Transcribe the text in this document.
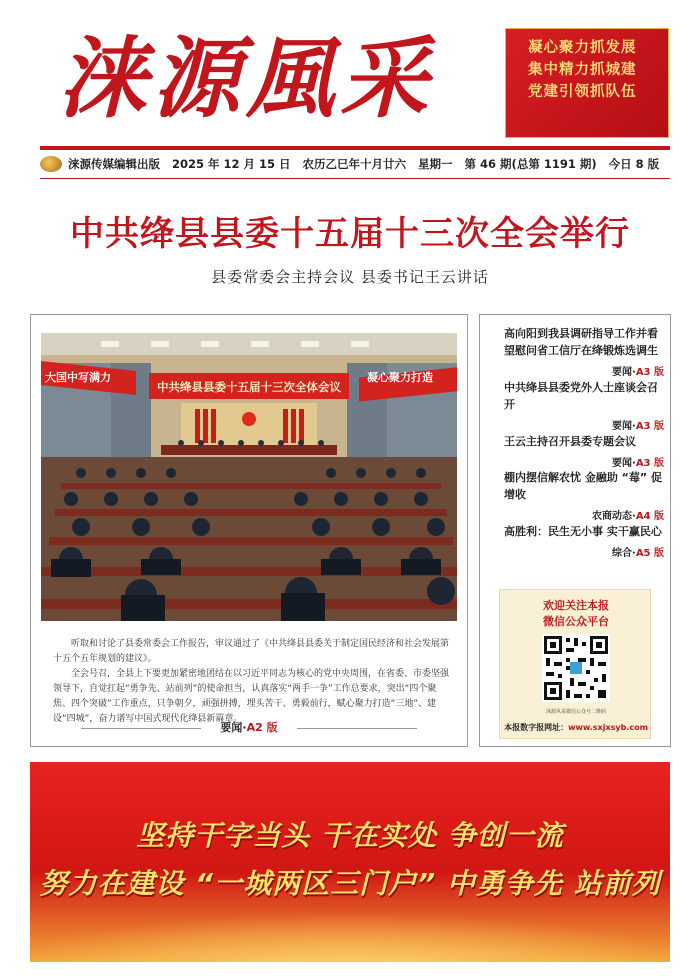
涞源風采	凝心聚力抓发展
集中精力抓城建
党建引领抓队伍
涞源传媒编辑出版 2025 年 12 月 15 日 农历乙巳年十月廿六 星期一 第 46 期(总第 1191 期) 今日 8 版
中共绛县县委十五届十三次全会举行
县委常委会主持会议 县委书记王云讲话
大国中写满力	凝心聚力打造
中共绛县县委十五届十三次全体会议

听取和讨论了县委常委会工作报告，审议通过了《中共绛县县委关于制定国民经济和社会发展第十五个五年规划的建议》。

全会号召，全县上下要更加紧密地团结在以习近平同志为核心的党中央周围，在省委、市委坚强领导下，自觉扛起“勇争先、站前列”的使命担当，认真落实“两手一争”工作总要求，突出“四个聚焦、四个突破”工作重点，只争朝夕，顽强拼搏，埋头苦干、勇毅前行，赋心聚力打造“三地”、建设“四城”，奋力谱写中国式现代化绛县新篇章。

要闻·A2 版
高向阳到我县调研指导工作并看望慰问省工信厅在绛锻炼选调生
要闻·A3 版
中共绛县县委党外人士座谈会召开
要闻·A3 版
王云主持召开县委专题会议
要闻·A3 版
棚内摆信解农忧 金融助 “莓” 促增收
农商动态·A4 版
高胜利：民生无小事 实干赢民心
综合·A5 版
欢迎关注本报
微信公众平台
涞源风采微信公众号二维码
本报数字报网址：www.sxjxsyb.com
坚持干字当头 干在实处 争创一流
努力在建设 “一城两区三门户” 中勇争先 站前列
